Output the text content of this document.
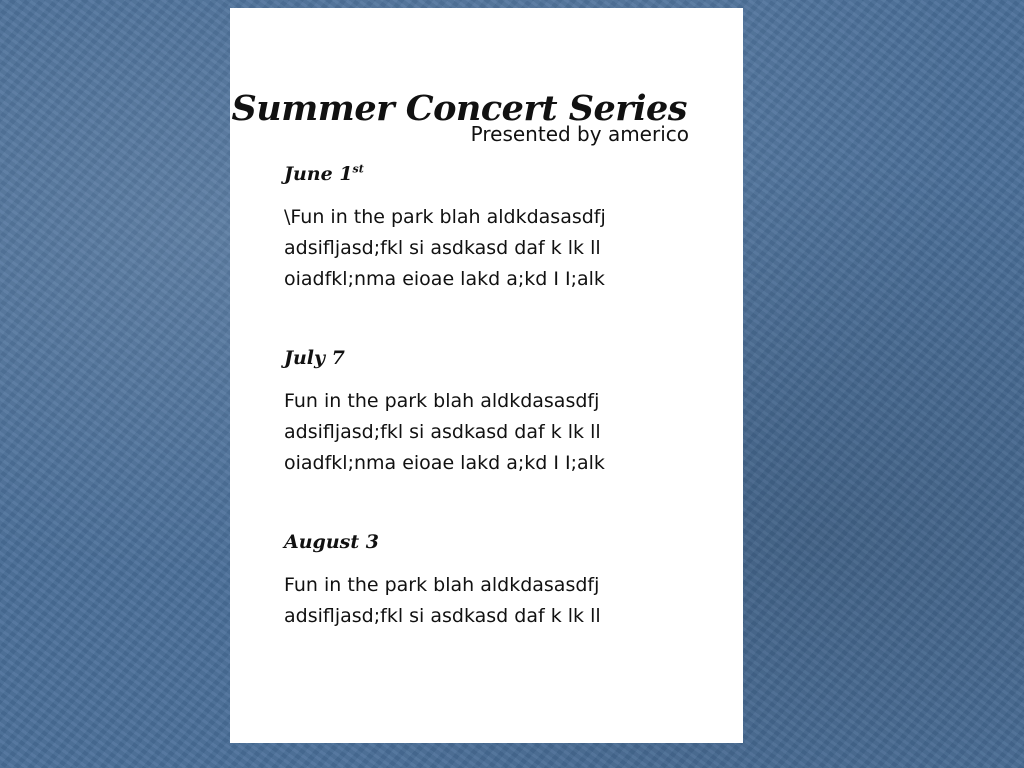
Summer Concert Series
Presented by americo

June 1st

\Fun in the park blah aldkdasasdfj
adsifljasd;fkl si asdkasd daf k lk ll
oiadfkl;nma eioae lakd a;kd I I;alk

July 7

Fun in the park blah aldkdasasdfj
adsifljasd;fkl si asdkasd daf k lk ll
oiadfkl;nma eioae lakd a;kd I I;alk

August 3

Fun in the park blah aldkdasasdfj
adsifljasd;fkl si asdkasd daf k lk ll
